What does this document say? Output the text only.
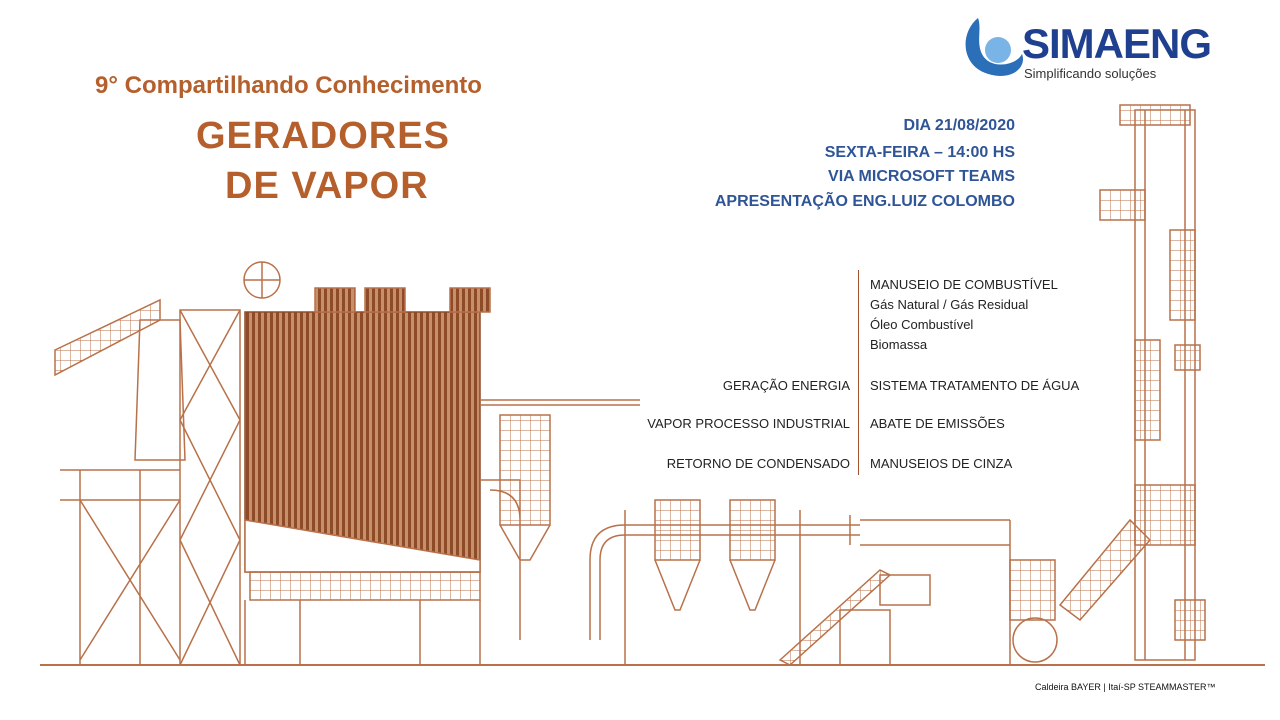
9° Compartilhando Conhecimento
GERADORES
DE VAPOR
DIA 21/08/2020
SEXTA-FEIRA – 14:00 HS
VIA MICROSOFT TEAMS
APRESENTAÇÃO ENG.LUIZ COLOMBO
SIMAENG
Simplificando soluções
MANUSEIO DE COMBUSTÍVEL
Gás Natural / Gás Residual
Óleo Combustível
Biomassa
SISTEMA TRATAMENTO DE ÁGUA
ABATE DE EMISSÕES
MANUSEIOS DE CINZA
GERAÇÃO ENERGIA
VAPOR PROCESSO INDUSTRIAL
RETORNO DE CONDENSADO
Caldeira BAYER | Itaí-SP STEAMMASTER™
